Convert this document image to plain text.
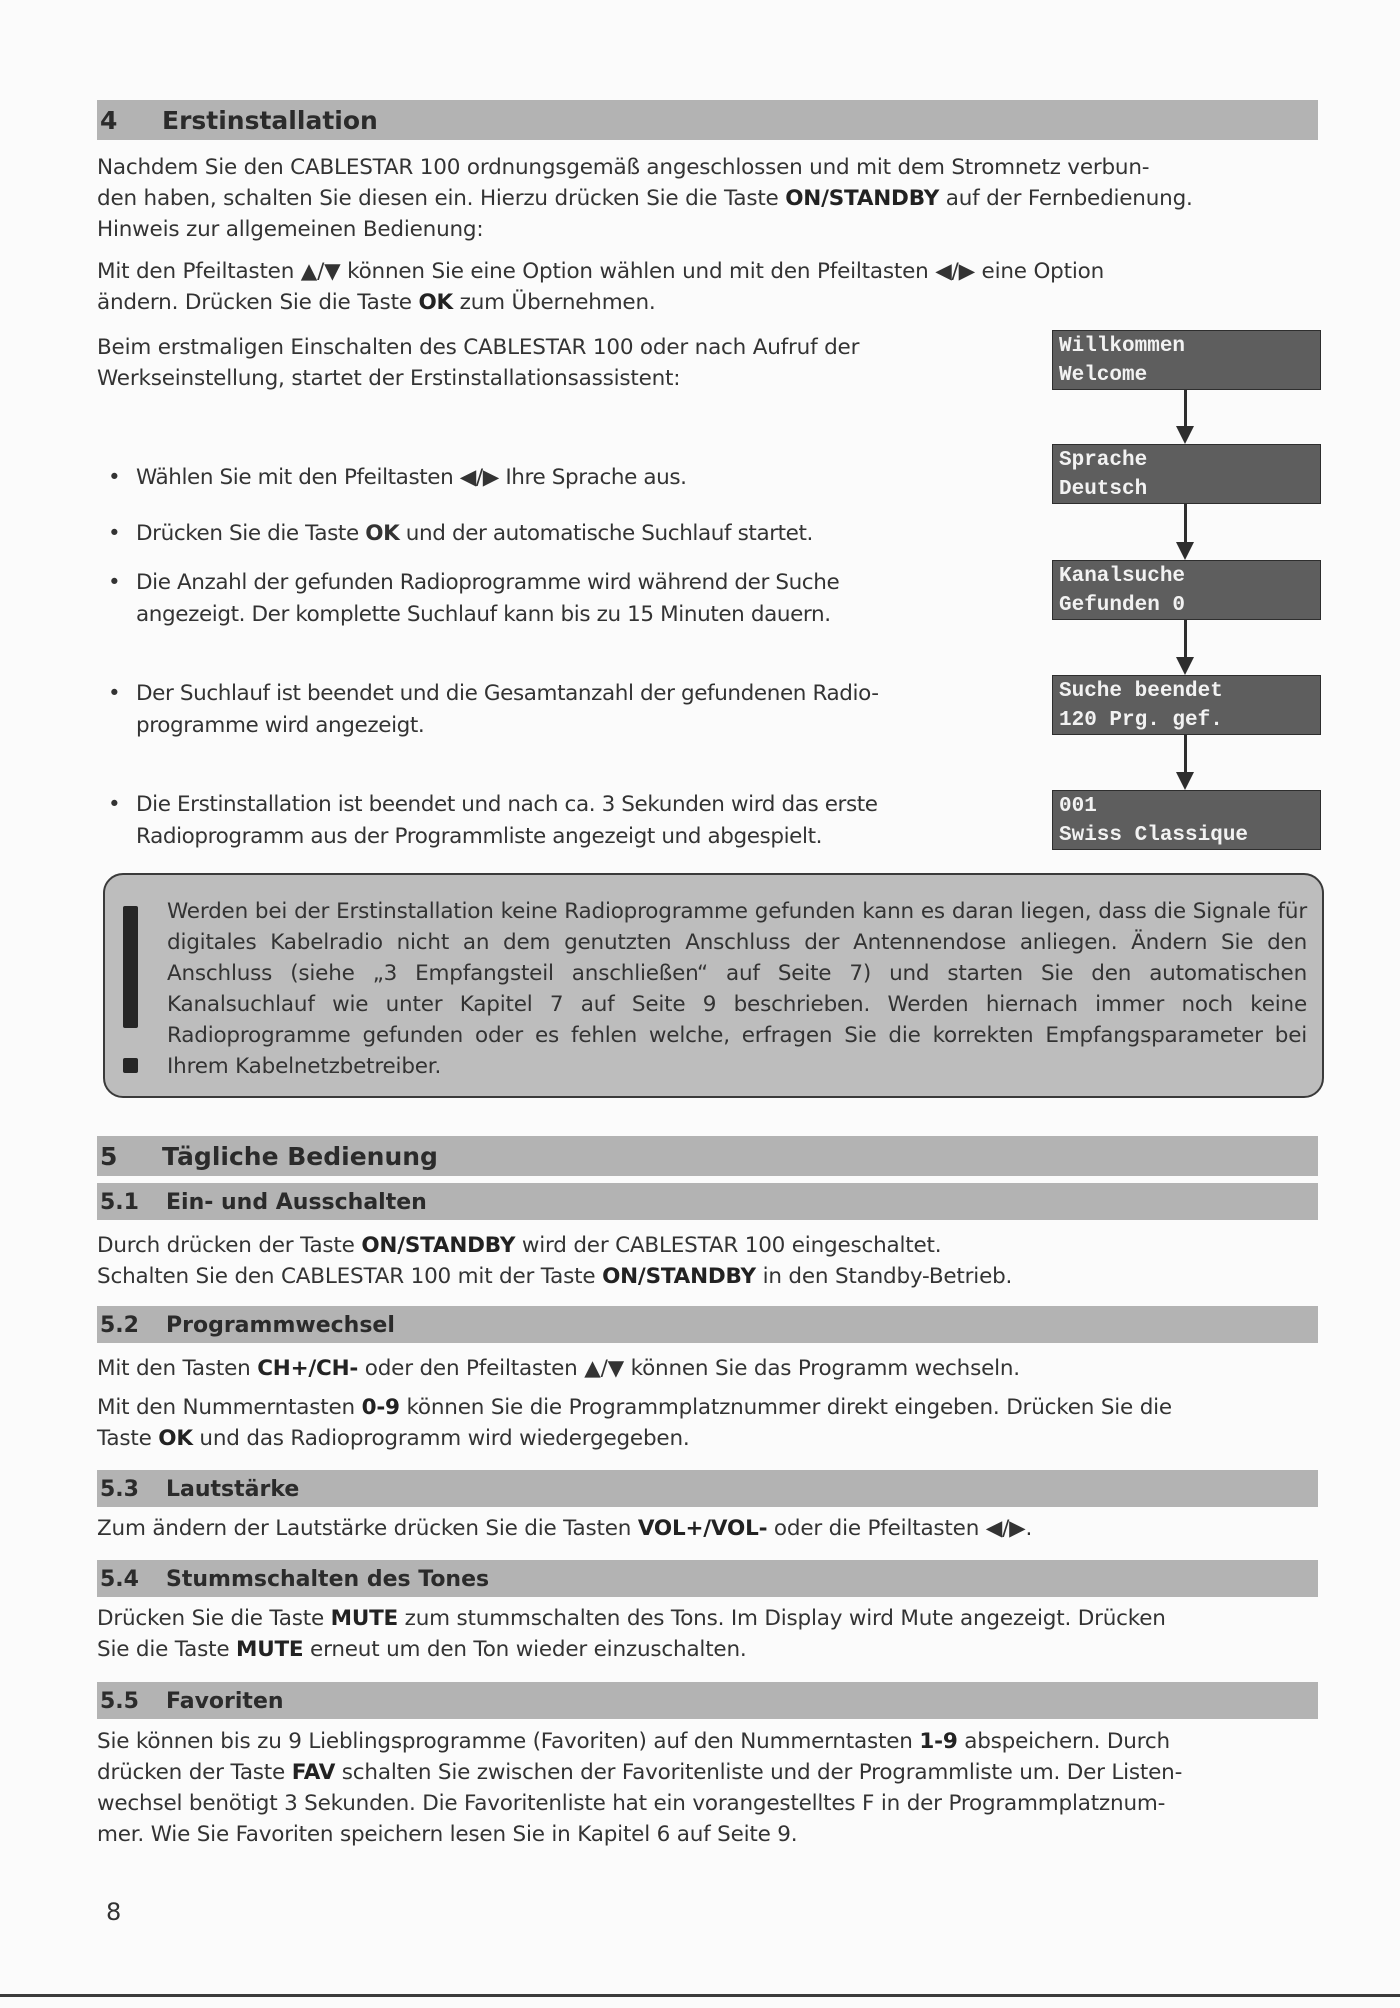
4 Erstinstallation
Nachdem Sie den CABLESTAR 100 ordnungsgemäß angeschlossen und mit dem Stromnetz verbun-
den haben, schalten Sie diesen ein. Hierzu drücken Sie die Taste ON/STANDBY auf der Fernbedienung.
Hinweis zur allgemeinen Bedienung:
Mit den Pfeiltasten ▲/▼ können Sie eine Option wählen und mit den Pfeiltasten ◀/▶ eine Option
ändern. Drücken Sie die Taste OK zum Übernehmen.
Beim erstmaligen Einschalten des CABLESTAR 100 oder nach Aufruf der
Werkseinstellung, startet der Erstinstallationsassistent:
• Wählen Sie mit den Pfeiltasten ◀/▶ Ihre Sprache aus.
• Drücken Sie die Taste OK und der automatische Suchlauf startet.
• Die Anzahl der gefunden Radioprogramme wird während der Suche
angezeigt. Der komplette Suchlauf kann bis zu 15 Minuten dauern.
• Der Suchlauf ist beendet und die Gesamtanzahl der gefundenen Radio-
programme wird angezeigt.
• Die Erstinstallation ist beendet und nach ca. 3 Sekunden wird das erste
Radioprogramm aus der Programmliste angezeigt und abgespielt.
Willkommen
Welcome
Sprache
Deutsch
Kanalsuche
Gefunden 0
Suche beendet
120 Prg. gef.
001
Swiss Classique
Werden bei der Erstinstallation keine Radioprogramme gefunden kann es daran liegen, dass die Signale für digitales Kabelradio nicht an dem genutzten Anschluss der Antennendose anliegen. Ändern Sie den Anschluss (siehe „3 Empfangsteil anschließen“ auf Seite 7) und starten Sie den automatischen Kanalsuchlauf wie unter Kapitel 7 auf Seite 9 beschrieben. Werden hiernach immer noch keine Radioprogramme gefunden oder es fehlen welche, erfragen Sie die korrekten Empfangsparameter bei Ihrem Kabelnetzbetreiber.
5 Tägliche Bedienung
5.1 Ein- und Ausschalten
Durch drücken der Taste ON/STANDBY wird der CABLESTAR 100 eingeschaltet.
Schalten Sie den CABLESTAR 100 mit der Taste ON/STANDBY in den Standby-Betrieb.
5.2 Programmwechsel
Mit den Tasten CH+/CH- oder den Pfeiltasten ▲/▼ können Sie das Programm wechseln.
Mit den Nummerntasten 0-9 können Sie die Programmplatznummer direkt eingeben. Drücken Sie die
Taste OK und das Radioprogramm wird wiedergegeben.
5.3 Lautstärke
Zum ändern der Lautstärke drücken Sie die Tasten VOL+/VOL- oder die Pfeiltasten ◀/▶.
5.4 Stummschalten des Tones
Drücken Sie die Taste MUTE zum stummschalten des Tons. Im Display wird Mute angezeigt. Drücken
Sie die Taste MUTE erneut um den Ton wieder einzuschalten.
5.5 Favoriten
Sie können bis zu 9 Lieblingsprogramme (Favoriten) auf den Nummerntasten 1-9 abspeichern. Durch
drücken der Taste FAV schalten Sie zwischen der Favoritenliste und der Programmliste um. Der Listen-
wechsel benötigt 3 Sekunden. Die Favoritenliste hat ein vorangestelltes F in der Programmplatznum-
mer. Wie Sie Favoriten speichern lesen Sie in Kapitel 6 auf Seite 9.
8
